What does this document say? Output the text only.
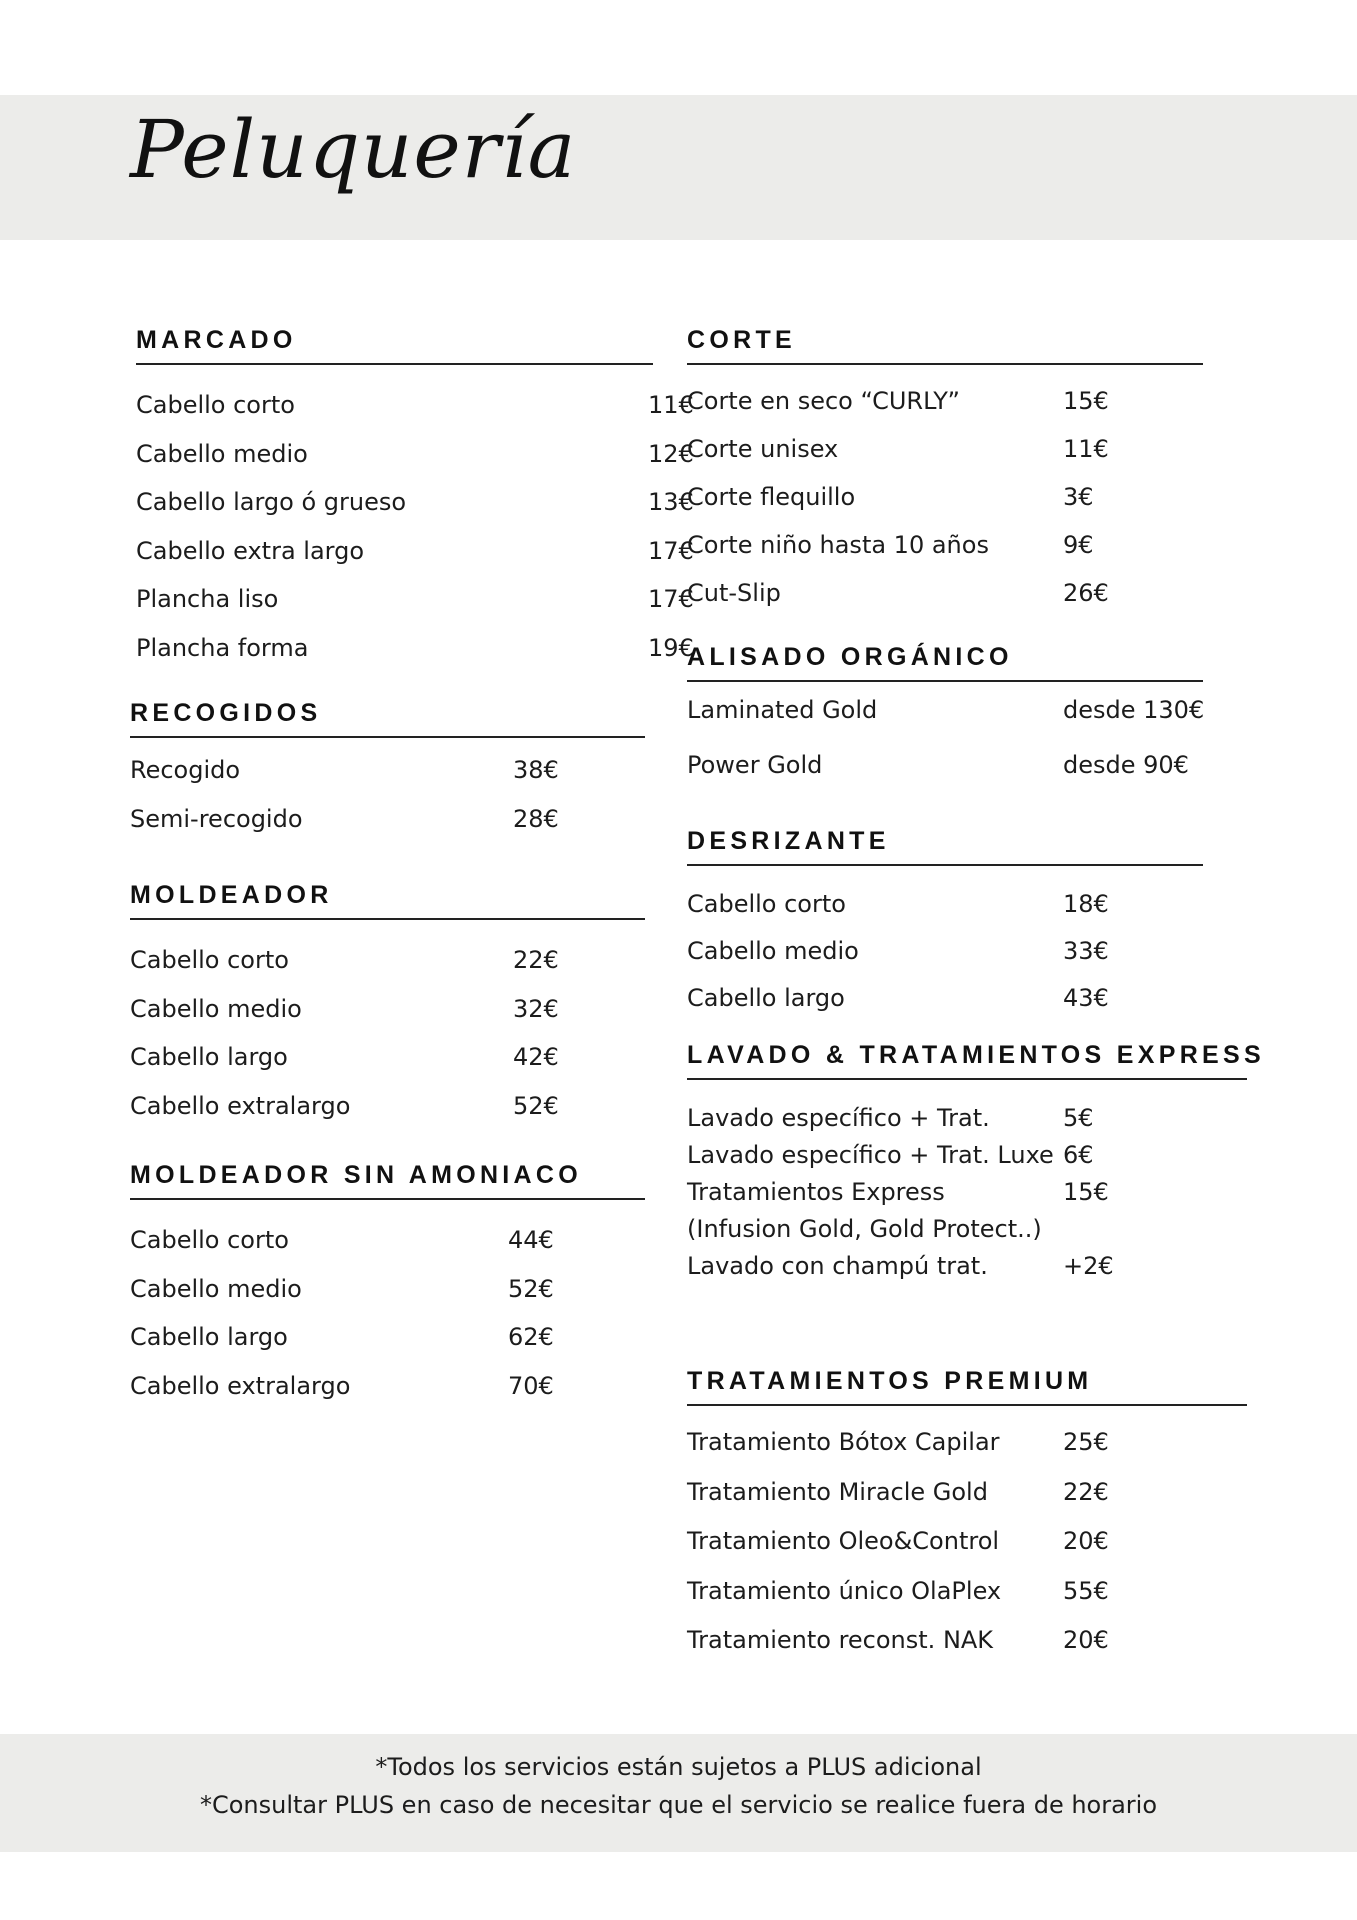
Peluquería
MARCADO
Cabello corto	11€
Cabello medio	12€
Cabello largo ó grueso	13€
Cabello extra largo	17€
Plancha liso	17€
Plancha forma	19€
RECOGIDOS
Recogido	38€
Semi-recogido	28€
MOLDEADOR
Cabello corto	22€
Cabello medio	32€
Cabello largo	42€
Cabello extralargo	52€
MOLDEADOR SIN AMONIACO
Cabello corto	44€
Cabello medio	52€
Cabello largo	62€
Cabello extralargo	70€
CORTE
Corte en seco “CURLY”	15€
Corte unisex	11€
Corte flequillo	3€
Corte niño hasta 10 años	9€
Cut-Slip	26€
ALISADO ORGÁNICO
Laminated Gold	desde 130€
Power Gold	desde 90€
DESRIZANTE
Cabello corto	18€
Cabello medio	33€
Cabello largo	43€
LAVADO & TRATAMIENTOS EXPRESS
Lavado específico + Trat.	5€
Lavado específico + Trat. Luxe 6€
Tratamientos Express	15€
(Infusion Gold, Gold Protect..)
Lavado con champú trat.	+2€
TRATAMIENTOS PREMIUM
Tratamiento Bótox Capilar	25€
Tratamiento Miracle Gold	22€
Tratamiento Oleo&Control	20€
Tratamiento único OlaPlex	55€
Tratamiento reconst. NAK	20€
*Todos los servicios están sujetos a PLUS adicional
*Consultar PLUS en caso de necesitar que el servicio se realice fuera de horario
